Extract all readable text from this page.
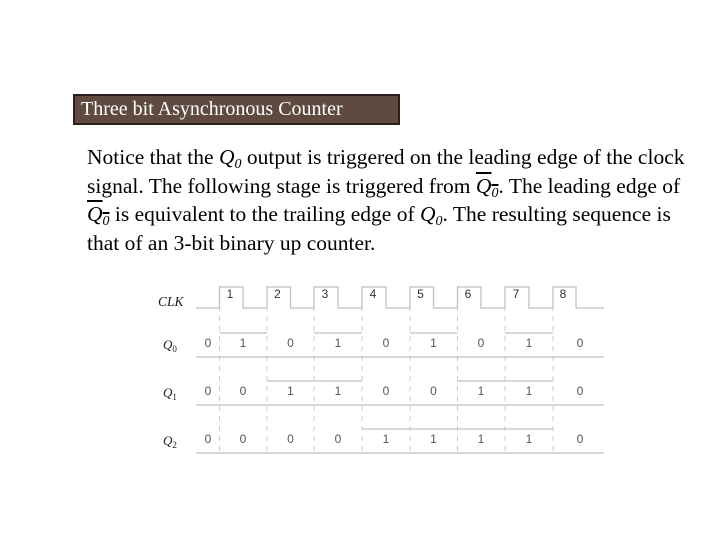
Three bit Asynchronous Counter
Notice that the $Q_0$ output is triggered on the leading edge of the clock signal. The following stage is triggered from $Q_0$. The leading edge of $Q_0$ is equivalent to the trailing edge of $Q_0$. The resulting sequence is that of an 3-bit binary up counter.
1	2	3	4	5	6	7	8
CLK
$Q_0$ 0 1	0	1	0	1	0	1	0
$Q_1$ 0 0	1	1	0	0	1	1	0
$Q_2$ 0 0	0	0	1	1	1	1	0
